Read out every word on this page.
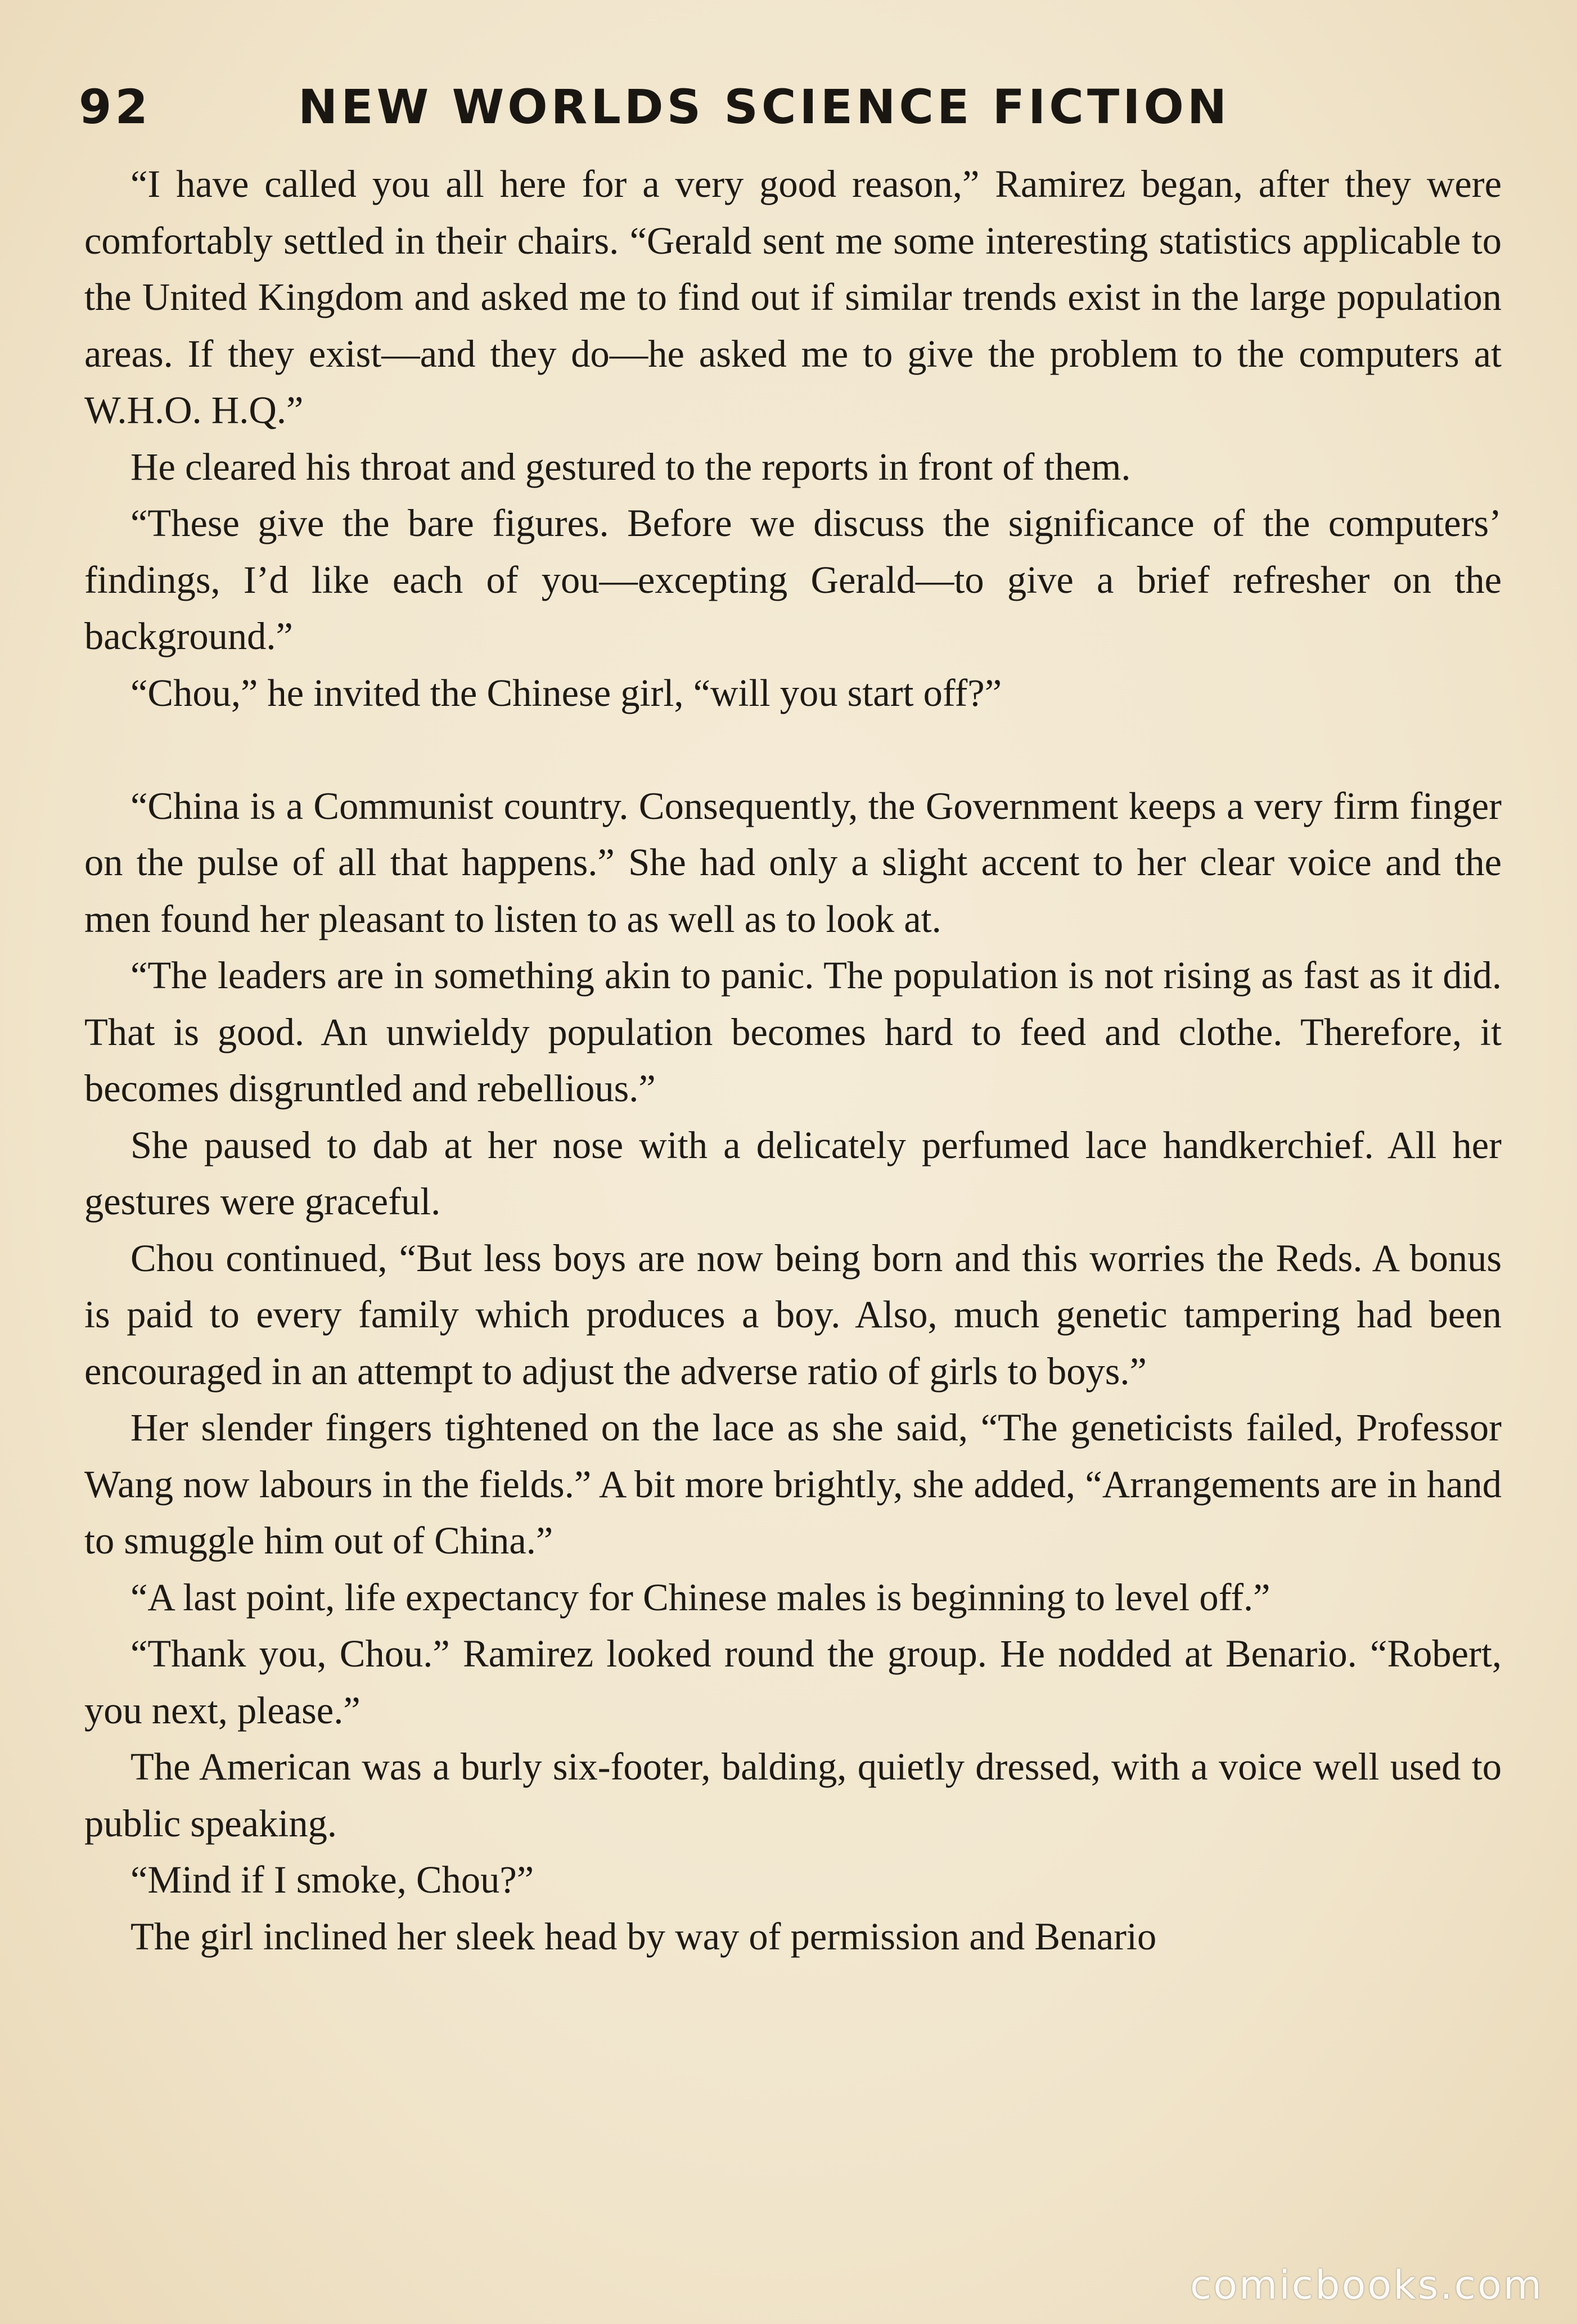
92	NEW WORLDS SCIENCE FICTION

“I have called you all here for a very good reason,” Ramirez began, after they were comfortably settled in their chairs. “Gerald sent me some interesting statistics applicable to the United Kingdom and asked me to find out if similar trends exist in the large population areas. If they exist—and they do—he asked me to give the problem to the computers at W.H.O. H.Q.”

He cleared his throat and gestured to the reports in front of them.

“These give the bare figures. Before we discuss the significance of the computers’ findings, I’d like each of you—excepting Gerald—to give a brief refresher on the background.”

“Chou,” he invited the Chinese girl, “will you start off?”

“China is a Communist country. Consequently, the Government keeps a very firm finger on the pulse of all that happens.” She had only a slight accent to her clear voice and the men found her pleasant to listen to as well as to look at.

“The leaders are in something akin to panic. The population is not rising as fast as it did. That is good. An unwieldy population becomes hard to feed and clothe. Therefore, it becomes disgruntled and rebellious.”

She paused to dab at her nose with a delicately perfumed lace handkerchief. All her gestures were graceful.

Chou continued, “But less boys are now being born and this worries the Reds. A bonus is paid to every family which produces a boy. Also, much genetic tampering had been encouraged in an attempt to adjust the adverse ratio of girls to boys.”

Her slender fingers tightened on the lace as she said, “The geneticists failed, Professor Wang now labours in the fields.” A bit more brightly, she added, “Arrangements are in hand to smuggle him out of China.”

“A last point, life expectancy for Chinese males is beginning to level off.”

“Thank you, Chou.” Ramirez looked round the group. He nodded at Benario. “Robert, you next, please.”

The American was a burly six-footer, balding, quietly dressed, with a voice well used to public speaking.

“Mind if I smoke, Chou?”

The girl inclined her sleek head by way of permission and Benario

comicbooks.com
